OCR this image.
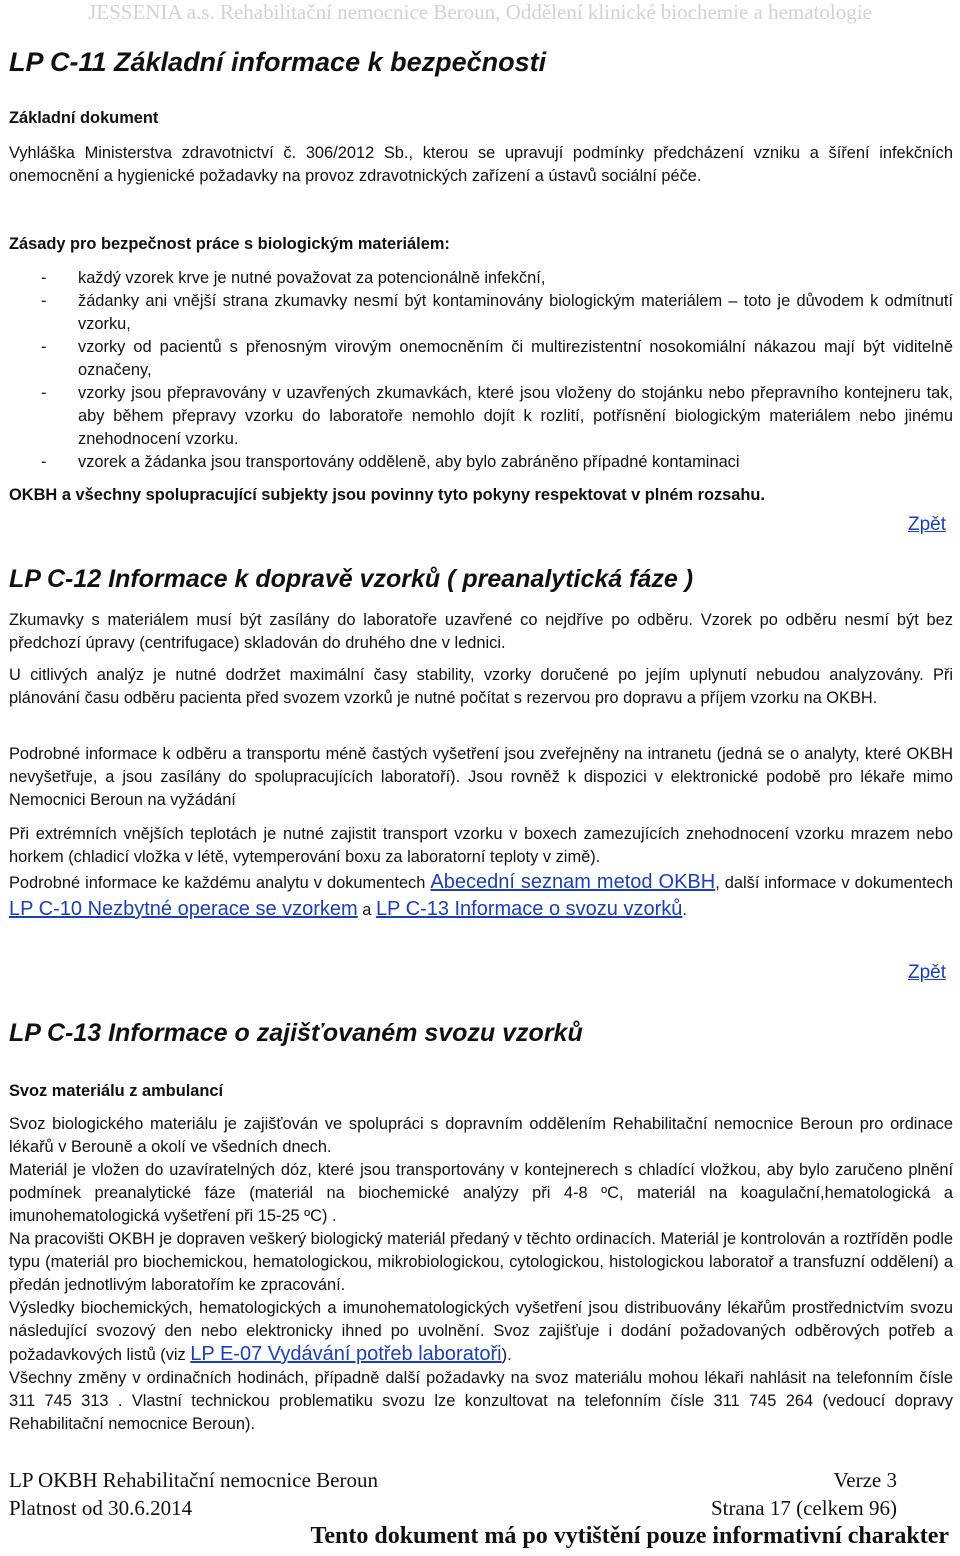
JESSENIA a.s. Rehabilitační nemocnice Beroun, Oddělení klinické biochemie a hematologie
LP C-11 Základní informace k bezpečnosti
Základní dokument
Vyhláška Ministerstva zdravotnictví č. 306/2012 Sb., kterou se upravují podmínky předcházení vzniku a šíření infekčních onemocnění a hygienické požadavky na provoz zdravotnických zařízení a ústavů sociální péče.
Zásady pro bezpečnost práce s biologickým materiálem:
- každý vzorek krve je nutné považovat za potencionálně infekční,
- žádanky ani vnější strana zkumavky nesmí být kontaminovány biologickým materiálem – toto je důvodem k odmítnutí vzorku,
- vzorky od pacientů s přenosným virovým onemocněním či multirezistentní nosokomiální nákazou mají být viditelně označeny,
- vzorky jsou přepravovány v uzavřených zkumavkách, které jsou vloženy do stojánku nebo přepravního kontejneru tak, aby během přepravy vzorku do laboratoře nemohlo dojít k rozlití, potřísnění biologickým materiálem nebo jinému znehodnocení vzorku.
- vzorek a žádanka jsou transportovány odděleně, aby bylo zabráněno případné kontaminaci
OKBH a všechny spolupracující subjekty jsou povinny tyto pokyny respektovat v plném rozsahu.
Zpět
LP C-12 Informace k dopravě vzorků ( preanalytická fáze )
Zkumavky s materiálem musí být zasílány do laboratoře uzavřené co nejdříve po odběru. Vzorek po odběru nesmí být bez předchozí úpravy (centrifugace) skladován do druhého dne v lednici.
U citlivých analýz je nutné dodržet maximální časy stability, vzorky doručené po jejím uplynutí nebudou analyzovány. Při plánování času odběru pacienta před svozem vzorků je nutné počítat s rezervou pro dopravu a příjem vzorku na OKBH.
Podrobné informace k odběru a transportu méně častých vyšetření jsou zveřejněny na intranetu (jedná se o analyty, které OKBH nevyšetřuje, a jsou zasílány do spolupracujících laboratoří). Jsou rovněž k dispozici v elektronické podobě pro lékaře mimo Nemocnici Beroun na vyžádání
Při extrémních vnějších teplotách je nutné zajistit transport vzorku v boxech zamezujících znehodnocení vzorku mrazem nebo horkem (chladicí vložka v létě, vytemperování boxu za laboratorní teploty v zimě).
Podrobné informace ke každému analytu v dokumentech Abecední seznam metod OKBH, další informace v dokumentech LP C-10 Nezbytné operace se vzorkem a LP C-13 Informace o svozu vzorků.
Zpět
LP C-13 Informace o zajišťovaném svozu vzorků
Svoz materiálu z ambulancí
Svoz biologického materiálu je zajišťován ve spolupráci s dopravním oddělením Rehabilitační nemocnice Beroun pro ordinace lékařů v Berouně a okolí ve všedních dnech.
Materiál je vložen do uzavíratelných dóz, které jsou transportovány v kontejnerech s chladící vložkou, aby bylo zaručeno plnění podmínek preanalytické fáze (materiál na biochemické analýzy při 4-8 ºC, materiál na koagulační,hematologická a imunohematologická vyšetření při 15-25 ºC) .
Na pracovišti OKBH je dopraven veškerý biologický materiál předaný v těchto ordinacích. Materiál je kontrolován a roztříděn podle typu (materiál pro biochemickou, hematologickou, mikrobiologickou, cytologickou, histologickou laboratoř a transfuzní oddělení) a předán jednotlivým laboratořím ke zpracování.
Výsledky biochemických, hematologických a imunohematologických vyšetření jsou distribuovány lékařům prostřednictvím svozu následující svozový den nebo elektronicky ihned po uvolnění. Svoz zajišťuje i dodání požadovaných odběrových potřeb a požadavkových listů (viz LP E-07 Vydávání potřeb laboratoři).
Všechny změny v ordinačních hodinách, případně další požadavky na svoz materiálu mohou lékaři nahlásit na telefonním čísle 311 745 313 . Vlastní technickou problematiku svozu lze konzultovat na telefonním čísle 311 745 264 (vedoucí dopravy Rehabilitační nemocnice Beroun).
LP OKBH Rehabilitační nemocnice Beroun	Verze 3
Platnost od 30.6.2014	Strana 17 (celkem 96)
Tento dokument má po vytištění pouze informativní charakter
